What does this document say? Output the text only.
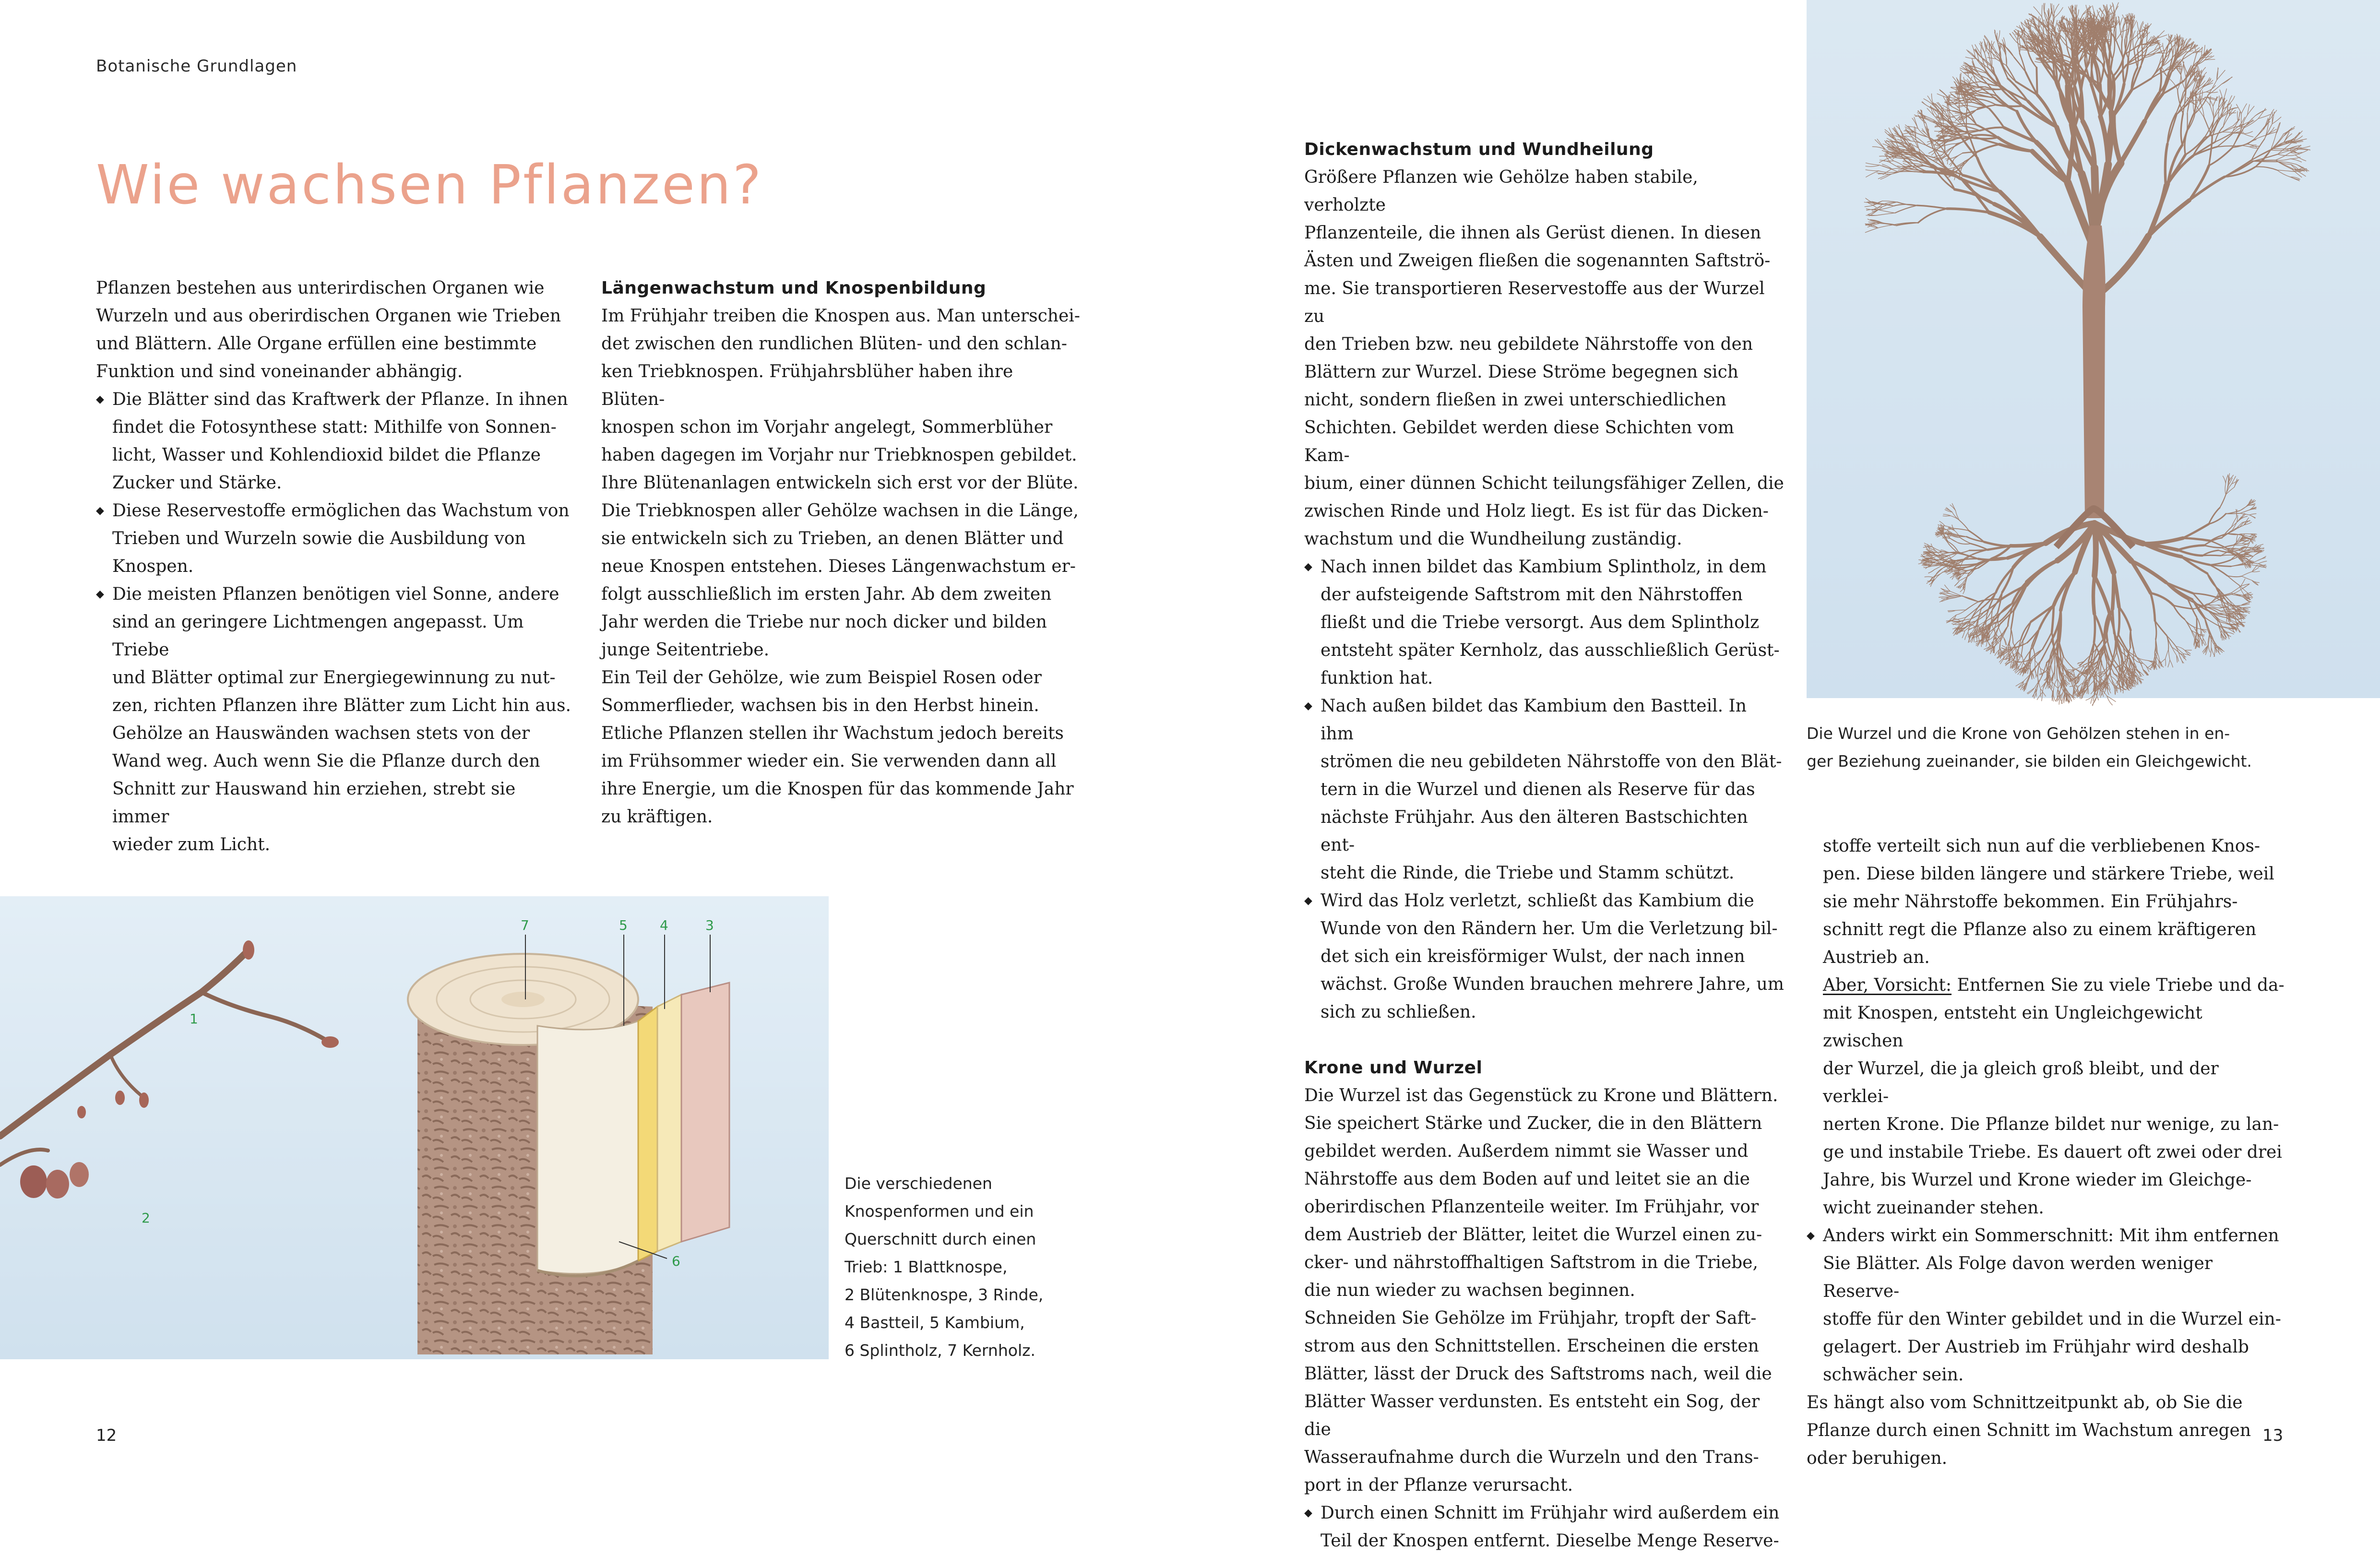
Botanische Grundlagen
Wie wachsen Pflanzen?

Pflanzen bestehen aus unterirdischen Organen wie
Wurzeln und aus oberirdischen Organen wie Trieben
und Blättern. Alle Organe erfüllen eine bestimmte
Funktion und sind voneinander abhängig.

◆ Die Blätter sind das Kraftwerk der Pflanze. In ihnen
findet die Fotosynthese statt: Mithilfe von Sonnen-
licht, Wasser und Kohlendioxid bildet die Pflanze
Zucker und Stärke.
◆ Diese Reservestoffe ermöglichen das Wachstum von
Trieben und Wurzeln sowie die Ausbildung von
Knospen.
◆ Die meisten Pflanzen benötigen viel Sonne, andere
sind an geringere Lichtmengen angepasst. Um Triebe
und Blätter optimal zur Energiegewinnung zu nut-
zen, richten Pflanzen ihre Blätter zum Licht hin aus.
Gehölze an Hauswänden wachsen stets von der
Wand weg. Auch wenn Sie die Pflanze durch den
Schnitt zur Hauswand hin erziehen, strebt sie immer
wieder zum Licht.
Längenwachstum und Knospenbildung

Im Frühjahr treiben die Knospen aus. Man unterschei-
det zwischen den rundlichen Blüten- und den schlan-
ken Triebknospen. Frühjahrsblüher haben ihre Blüten-
knospen schon im Vorjahr angelegt, Sommerblüher
haben dagegen im Vorjahr nur Triebknospen gebildet.
Ihre Blütenanlagen entwickeln sich erst vor der Blüte.
Die Triebknospen aller Gehölze wachsen in die Länge,
sie entwickeln sich zu Trieben, an denen Blätter und
neue Knospen entstehen. Dieses Längenwachstum er-
folgt ausschließlich im ersten Jahr. Ab dem zweiten
Jahr werden die Triebe nur noch dicker und bilden
junge Seitentriebe.
Ein Teil der Gehölze, wie zum Beispiel Rosen oder
Sommerflieder, wachsen bis in den Herbst hinein.
Etliche Pflanzen stellen ihr Wachstum jedoch bereits
im Frühsommer wieder ein. Sie verwenden dann all
ihre Energie, um die Knospen für das kommende Jahr
zu kräftigen.

1
2
3
4
5
6
7
Die verschiedenen
Knospenformen und ein
Querschnitt durch einen
Trieb: 1 Blattknospe,
2 Blütenknospe, 3 Rinde,
4 Bastteil, 5 Kambium,
6 Splintholz, 7 Kernholz.
12
Dickenwachstum und Wundheilung

Größere Pflanzen wie Gehölze haben stabile, verholzte
Pflanzenteile, die ihnen als Gerüst dienen. In diesen
Ästen und Zweigen fließen die sogenannten Saftströ-
me. Sie transportieren Reservestoffe aus der Wurzel zu
den Trieben bzw. neu gebildete Nährstoffe von den
Blättern zur Wurzel. Diese Ströme begegnen sich
nicht, sondern fließen in zwei unterschiedlichen
Schichten. Gebildet werden diese Schichten vom Kam-
bium, einer dünnen Schicht teilungsfähiger Zellen, die
zwischen Rinde und Holz liegt. Es ist für das Dicken-
wachstum und die Wundheilung zuständig.

◆ Nach innen bildet das Kambium Splintholz, in dem
der aufsteigende Saftstrom mit den Nährstoffen
fließt und die Triebe versorgt. Aus dem Splintholz
entsteht später Kernholz, das ausschließlich Gerüst-
funktion hat.
◆ Nach außen bildet das Kambium den Bastteil. In ihm
strömen die neu gebildeten Nährstoffe von den Blät-
tern in die Wurzel und dienen als Reserve für das
nächste Frühjahr. Aus den älteren Bastschichten ent-
steht die Rinde, die Triebe und Stamm schützt.
◆ Wird das Holz verletzt, schließt das Kambium die
Wunde von den Rändern her. Um die Verletzung bil-
det sich ein kreisförmiger Wulst, der nach innen
wächst. Große Wunden brauchen mehrere Jahre, um
sich zu schließen.
Krone und Wurzel

Die Wurzel ist das Gegenstück zu Krone und Blättern.
Sie speichert Stärke und Zucker, die in den Blättern
gebildet werden. Außerdem nimmt sie Wasser und
Nährstoffe aus dem Boden auf und leitet sie an die
oberirdischen Pflanzenteile weiter. Im Frühjahr, vor
dem Austrieb der Blätter, leitet die Wurzel einen zu-
cker- und nährstoffhaltigen Saftstrom in die Triebe,
die nun wieder zu wachsen beginnen.
Schneiden Sie Gehölze im Frühjahr, tropft der Saft-
strom aus den Schnittstellen. Erscheinen die ersten
Blätter, lässt der Druck des Saftstroms nach, weil die
Blätter Wasser verdunsten. Es entsteht ein Sog, der die
Wasseraufnahme durch die Wurzeln und den Trans-
port in der Pflanze verursacht.

◆ Durch einen Schnitt im Frühjahr wird außerdem ein
Teil der Knospen entfernt. Dieselbe Menge Reserve-

stoffe verteilt sich nun auf die verbliebenen Knos-
pen. Diese bilden längere und stärkere Triebe, weil
sie mehr Nährstoffe bekommen. Ein Frühjahrs-
schnitt regt die Pflanze also zu einem kräftigeren
Austrieb an.

Aber, Vorsicht: Entfernen Sie zu viele Triebe und da-
mit Knospen, entsteht ein Ungleichgewicht zwischen
der Wurzel, die ja gleich groß bleibt, und der verklei-
nerten Krone. Die Pflanze bildet nur wenige, zu lan-
ge und instabile Triebe. Es dauert oft zwei oder drei
Jahre, bis Wurzel und Krone wieder im Gleichge-
wicht zueinander stehen.

◆ Anders wirkt ein Sommerschnitt: Mit ihm entfernen
Sie Blätter. Als Folge davon werden weniger Reserve-
stoffe für den Winter gebildet und in die Wurzel ein-
gelagert. Der Austrieb im Frühjahr wird deshalb
schwächer sein.

Es hängt also vom Schnittzeitpunkt ab, ob Sie die
Pflanze durch einen Schnitt im Wachstum anregen
oder beruhigen.

Die Wurzel und die Krone von Gehölzen stehen in en-
ger Beziehung zueinander, sie bilden ein Gleichgewicht.
13
